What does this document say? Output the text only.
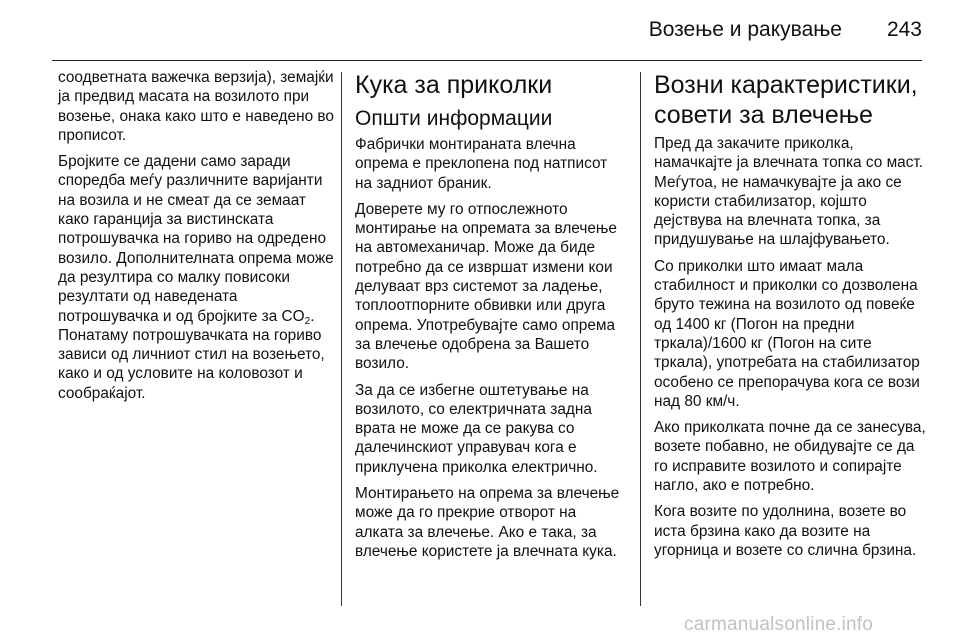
Возење и ракување 243

соодветната важечка верзија), земајќи ја предвид масата на возилото при возење, онака како што е наведено во прописот.

Бројките се дадени само заради споредба меѓу различните варијанти на возила и не смеат да се земаат како гаранција за вистинската потрошувачка на гориво на одредено возило. Дополнителната опрема може да резултира со малку повисоки резултати од наведената потрошувачка и од бројките за $CO_2$. Понатаму потрошувачката на гориво зависи од личниот стил на возењето, како и од условите на коловозот и сообраќајот.

Кука за приколки
Општи информации

Фабрички монтираната влечна опрема е преклопена под натписот на задниот браник.

Доверете му го отпослежното монтирање на опремата за влечење на автомеханичар. Може да биде потребно да се извршат измени кои делуваат врз системот за ладење, топлоотпорните обвивки или друга опрема. Употребувајте само опрема за влечење одобрена за Вашето возило.

За да се избегне оштетување на возилото, со електричната задна врата не може да се ракува со далечинскиот управувач кога е приклучена приколка електрично.

Монтирањето на опрема за влечење може да го прекрие отворот на алката за влечење. Ако е така, за влечење користете ја влечната кука.

Возни карактеристики, совети за влечење

Пред да закачите приколка, намачкајте ја влечната топка со маст. Меѓутоа, не намачкувајте ја ако се користи стабилизатор, којшто дејствува на влечната топка, за придушување на шлајфувањето.

Со приколки што имаат мала стабилност и приколки со дозволена бруто тежина на возилото од повеќе од 1400 кг (Погон на предни тркала)/1600 кг (Погон на сите тркала), употребата на стабилизатор особено се препорачува кога се вози над 80 км/ч.

Ако приколката почне да се занесува, возете побавно, не обидувајте се да го исправите возилото и сопирајте нагло, ако е потребно.

Кога возите по удолнина, возете во иста брзина како да возите на угорница и возете со слична брзина.

carmanualsonline.info
